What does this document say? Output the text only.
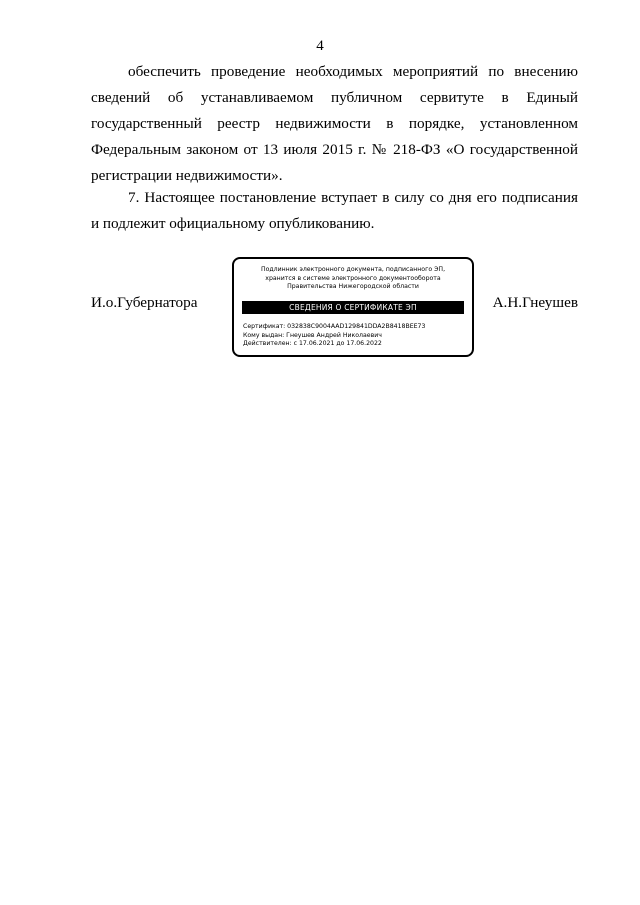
4
обеспечить проведение необходимых мероприятий по внесению
сведений об устанавливаемом публичном сервитуте в Единый
государственный реестр недвижимости в порядке, установленном
Федеральным законом от 13 июля 2015 г. № 218-ФЗ «О государственной
регистрации недвижимости».
7. Настоящее постановление вступает в силу со дня его подписания
и подлежит официальному опубликованию.
И.о.Губернатора
Подлинник электронного документа, подписанного ЭП,
хранится в системе электронного документооборота
Правительства Нижегородской области
СВЕДЕНИЯ О СЕРТИФИКАТЕ ЭП
Сертификат: 032838C9004AAD129841DDA2B8418BEE73
Кому выдан: Гнеушев Андрей Николаевич
Действителен: с 17.06.2021 до 17.06.2022
А.Н.Гнеушев
